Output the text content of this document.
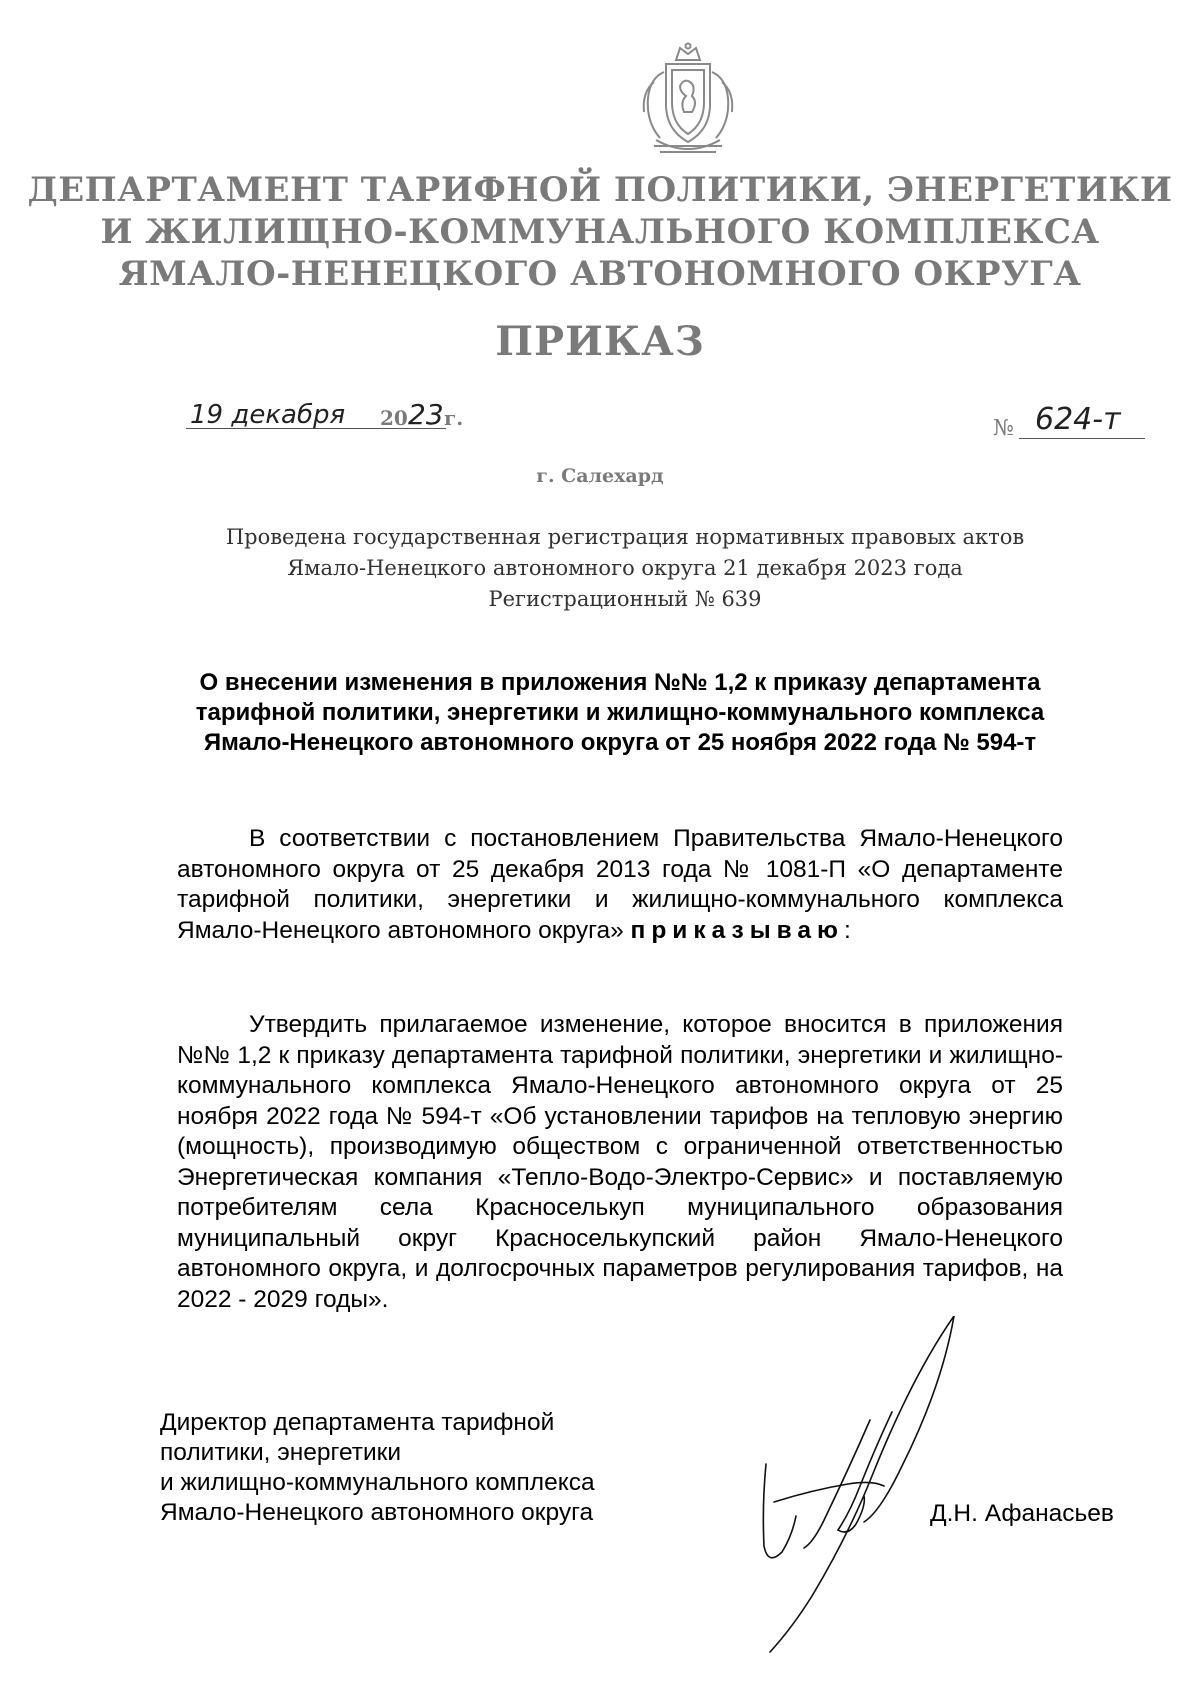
ДЕПАРТАМЕНТ ТАРИФНОЙ ПОЛИТИКИ, ЭНЕРГЕТИКИ
И ЖИЛИЩНО-КОММУНАЛЬНОГО КОМПЛЕКСА
ЯМАЛО-НЕНЕЦКОГО АВТОНОМНОГО ОКРУГА
ПРИКАЗ
19 декабря 20 23 г.	№ 624-т
г. Салехард
Проведена государственная регистрация нормативных правовых актов
Ямало-Ненецкого автономного округа 21 декабря 2023 года
Регистрационный № 639
О внесении изменения в приложения №№ 1,2 к приказу департамента тарифной политики, энергетики и жилищно-коммунального комплекса Ямало-Ненецкого автономного округа от 25 ноября 2022 года № 594-т
В соответствии с постановлением Правительства Ямало-Ненецкого автономного округа от 25 декабря 2013 года № 1081-П «О департаменте тарифной политики, энергетики и жилищно-коммунального комплекса Ямало-Ненецкого автономного округа» приказываю:
Утвердить прилагаемое изменение, которое вносится в приложения №№ 1,2 к приказу департамента тарифной политики, энергетики и жилищно-коммунального комплекса Ямало-Ненецкого автономного округа от 25 ноября 2022 года № 594-т «Об установлении тарифов на тепловую энергию (мощность), производимую обществом с ограниченной ответственностью Энергетическая компания «Тепло-Водо-Электро-Сервис» и поставляемую потребителям села Красноселькуп муниципального образования муниципальный округ Красноселькупский район Ямало-Ненецкого автономного округа, и долгосрочных параметров регулирования тарифов, на 2022 - 2029 годы».
Директор департамента тарифной
политики, энергетики
и жилищно-коммунального комплекса
Ямало-Ненецкого автономного округа	Д.Н. Афанасьев
